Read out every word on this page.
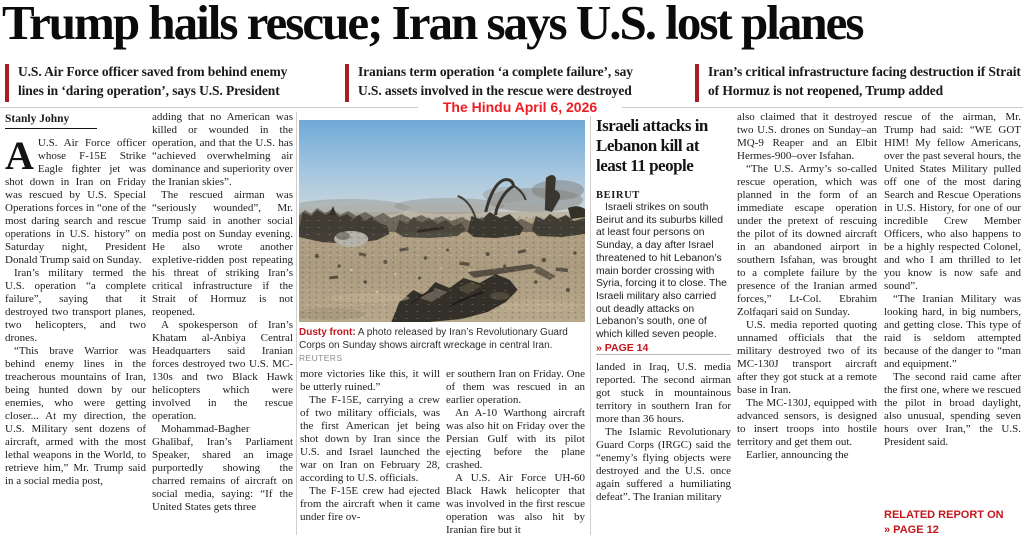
Trump hails rescue; Iran says U.S. lost planes

U.S. Air Force officer saved from behind enemy lines in ‘daring operation’, says U.S. President

Iranians term operation ‘a complete failure’, say U.S. assets involved in the rescue were destroyed

Iran’s critical infrastructure facing destruction if Strait of Hormuz is not reopened, Trump added

The Hindu April 6, 2026
Stanly Johny

A U.S. Air Force officer whose F-15E Strike Eagle fighter jet was shot down in Iran on Friday was rescued by U.S. Special Operations forces in “one of the most daring search and rescue operations in U.S. history” on Saturday night, President Donald Trump said on Sunday.

Iran’s military termed the U.S. operation “a complete failure”, saying that it destroyed two transport planes, two helicopters, and two drones.

“This brave Warrior was behind enemy lines in the treacherous mountains of Iran, being hunted down by our enemies, who were getting closer... At my direction, the U.S. Military sent dozens of aircraft, armed with the most lethal weapons in the World, to retrieve him,” Mr. Trump said in a social media post,

adding that no American was killed or wounded in the operation, and that the U.S. has “achieved overwhelming air dominance and superiority over the Iranian skies”.

The rescued airman was “seriously wounded”, Mr. Trump said in another social media post on Sunday evening. He also wrote another expletive-ridden post repeating his threat of striking Iran’s critical infrastructure if the Strait of Hormuz is not reopened.

A spokesperson of Iran’s Khatam al-Anbiya Central Headquarters said Iranian forces destroyed two U.S. MC-130s and two Black Hawk helicopters which were involved in the rescue operation.

Mohammad-Bagher Ghalibaf, Iran’s Parliament Speaker, shared an image purportedly showing the charred remains of aircraft on social media, saying: “If the United States gets three

Dusty front: A photo released by Iran’s Revolutionary Guard Corps on Sunday shows aircraft wreckage in central Iran. REUTERS

more victories like this, it will be utterly ruined.”

The F-15E, carrying a crew of two military officials, was the first American jet being shot down by Iran since the U.S. and Israel launched the war on Iran on February 28, according to U.S. officials.

The F-15E crew had ejected from the aircraft when it came under fire ov-

er southern Iran on Friday. One of them was rescued in an earlier operation.

An A-10 Warthong aircraft was also hit on Friday over the Persian Gulf with its pilot ejecting before the plane crashed.

A U.S. Air Force UH-60 Black Hawk helicopter that was involved in the first rescue operation was also hit by Iranian fire but it

Israeli attacks in Lebanon kill at least 11 people
BEIRUT

Israeli strikes on south Beirut and its suburbs killed at least four persons on Sunday, a day after Israel threatened to hit Lebanon’s main border crossing with Syria, forcing it to close. The Israeli military also carried out deadly attacks on Lebanon’s south, one of which killed seven people. » PAGE 14

landed in Iraq, U.S. media reported. The second airman got stuck in mountainous territory in southern Iran for more than 36 hours.

The Islamic Revolutionary Guard Corps (IRGC) said the “enemy’s flying objects were destroyed and the U.S. once again suffered a humiliating defeat”. The Iranian military

also claimed that it destroyed two U.S. drones on Sunday–an MQ-9 Reaper and an Elbit Hermes-900–over Isfahan.

“The U.S. Army’s so-called rescue operation, which was planned in the form of an immediate escape operation under the pretext of rescuing the pilot of its downed aircraft in an abandoned airport in southern Isfahan, was brought to a complete failure by the presence of the Iranian armed forces,” Lt-Col. Ebrahim Zolfaqari said on Sunday.

U.S. media reported quoting unnamed officials that the military destroyed two of its MC-130J transport aircraft after they got stuck at a remote base in Iran.

The MC-130J, equipped with advanced sensors, is designed to insert troops into hostile territory and get them out.

Earlier, announcing the

rescue of the airman, Mr. Trump had said: “WE GOT HIM! My fellow Americans, over the past several hours, the United States Military pulled off one of the most daring Search and Rescue Operations in U.S. History, for one of our incredible Crew Member Officers, who also happens to be a highly respected Colonel, and who I am thrilled to let you know is now safe and sound”.

“The Iranian Military was looking hard, in big numbers, and getting close. This type of raid is seldom attempted because of the danger to “man and equipment.”

The second raid came after the first one, where we rescued the pilot in broad daylight, also unusual, spending seven hours over Iran,” the U.S. President said.

RELATED REPORT ON
» PAGE 12
